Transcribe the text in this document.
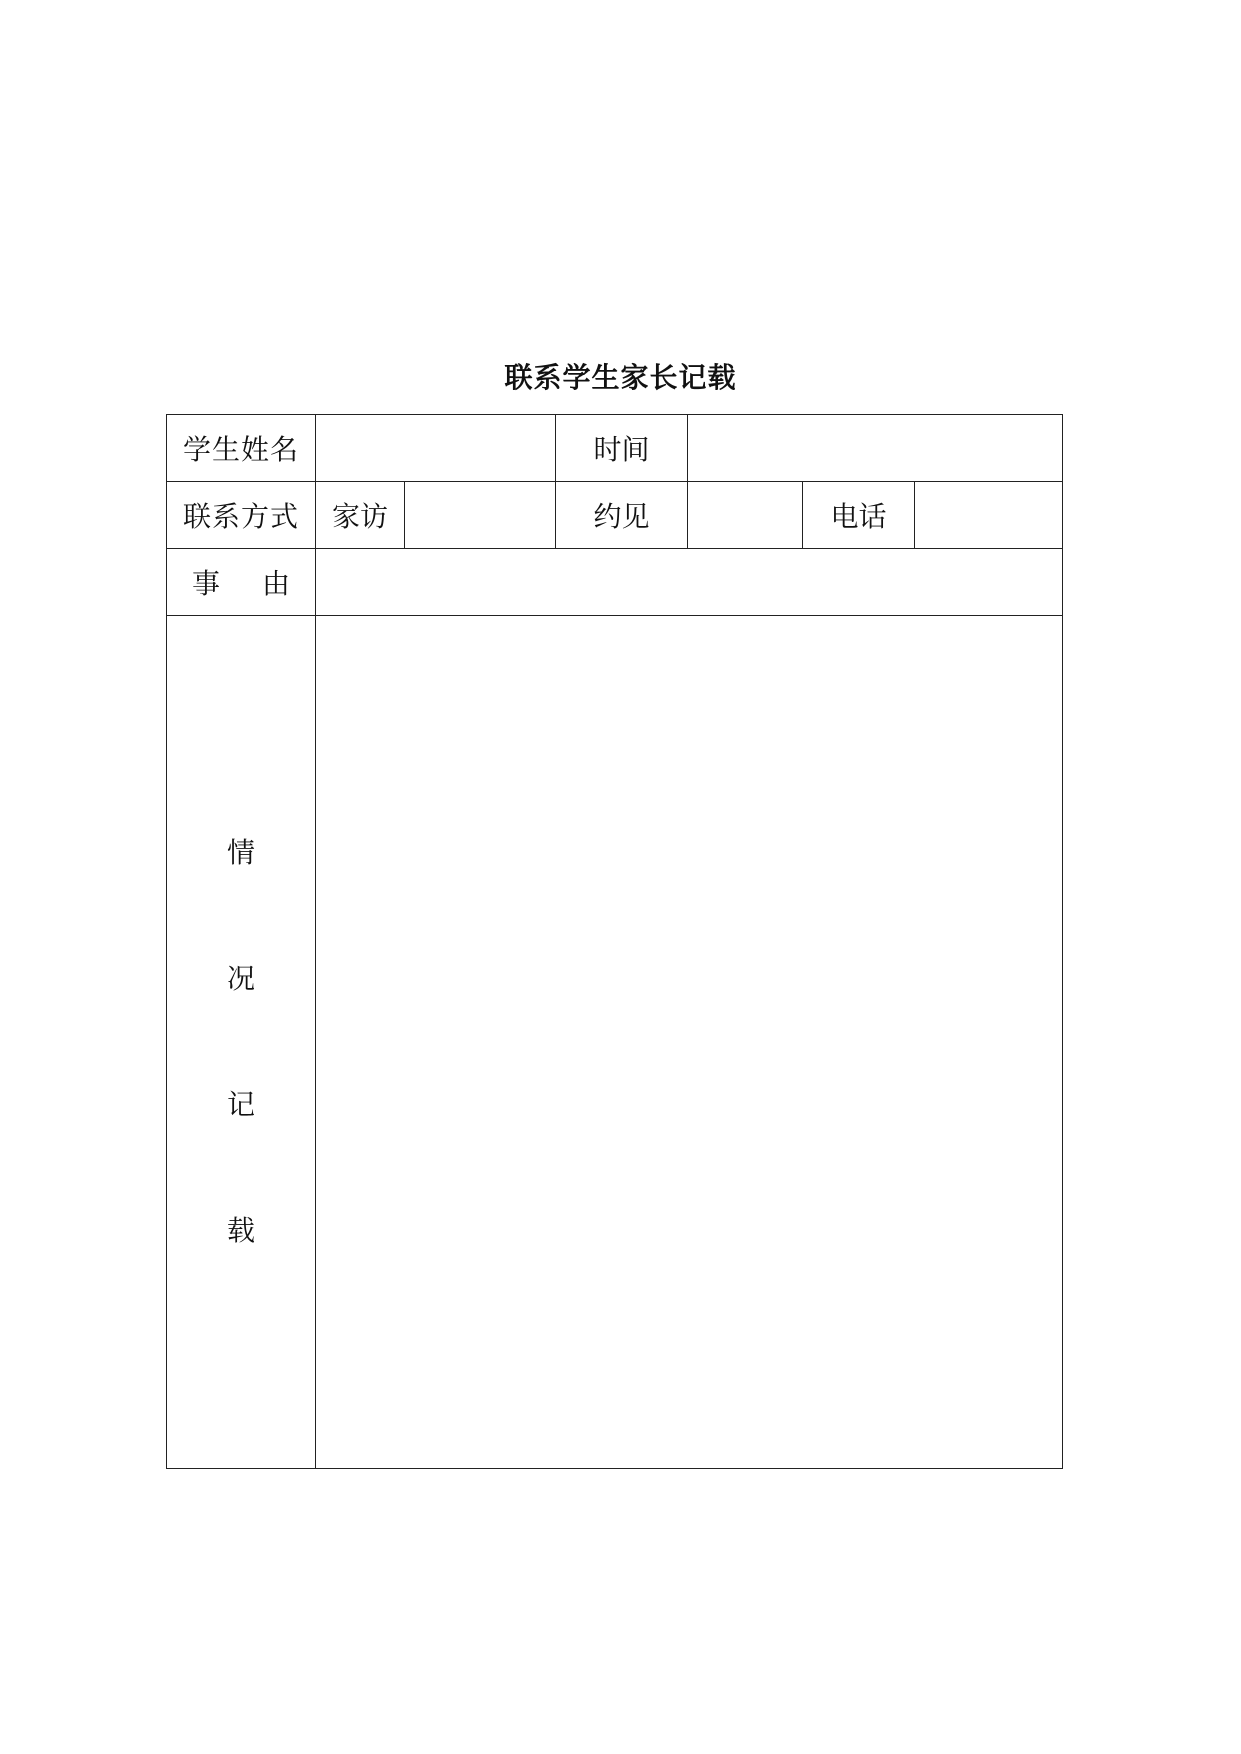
联系学生家长记载
学生姓名			时间			
联系方式	家访		约见		电话	
事 由						

情
况
记
载						
